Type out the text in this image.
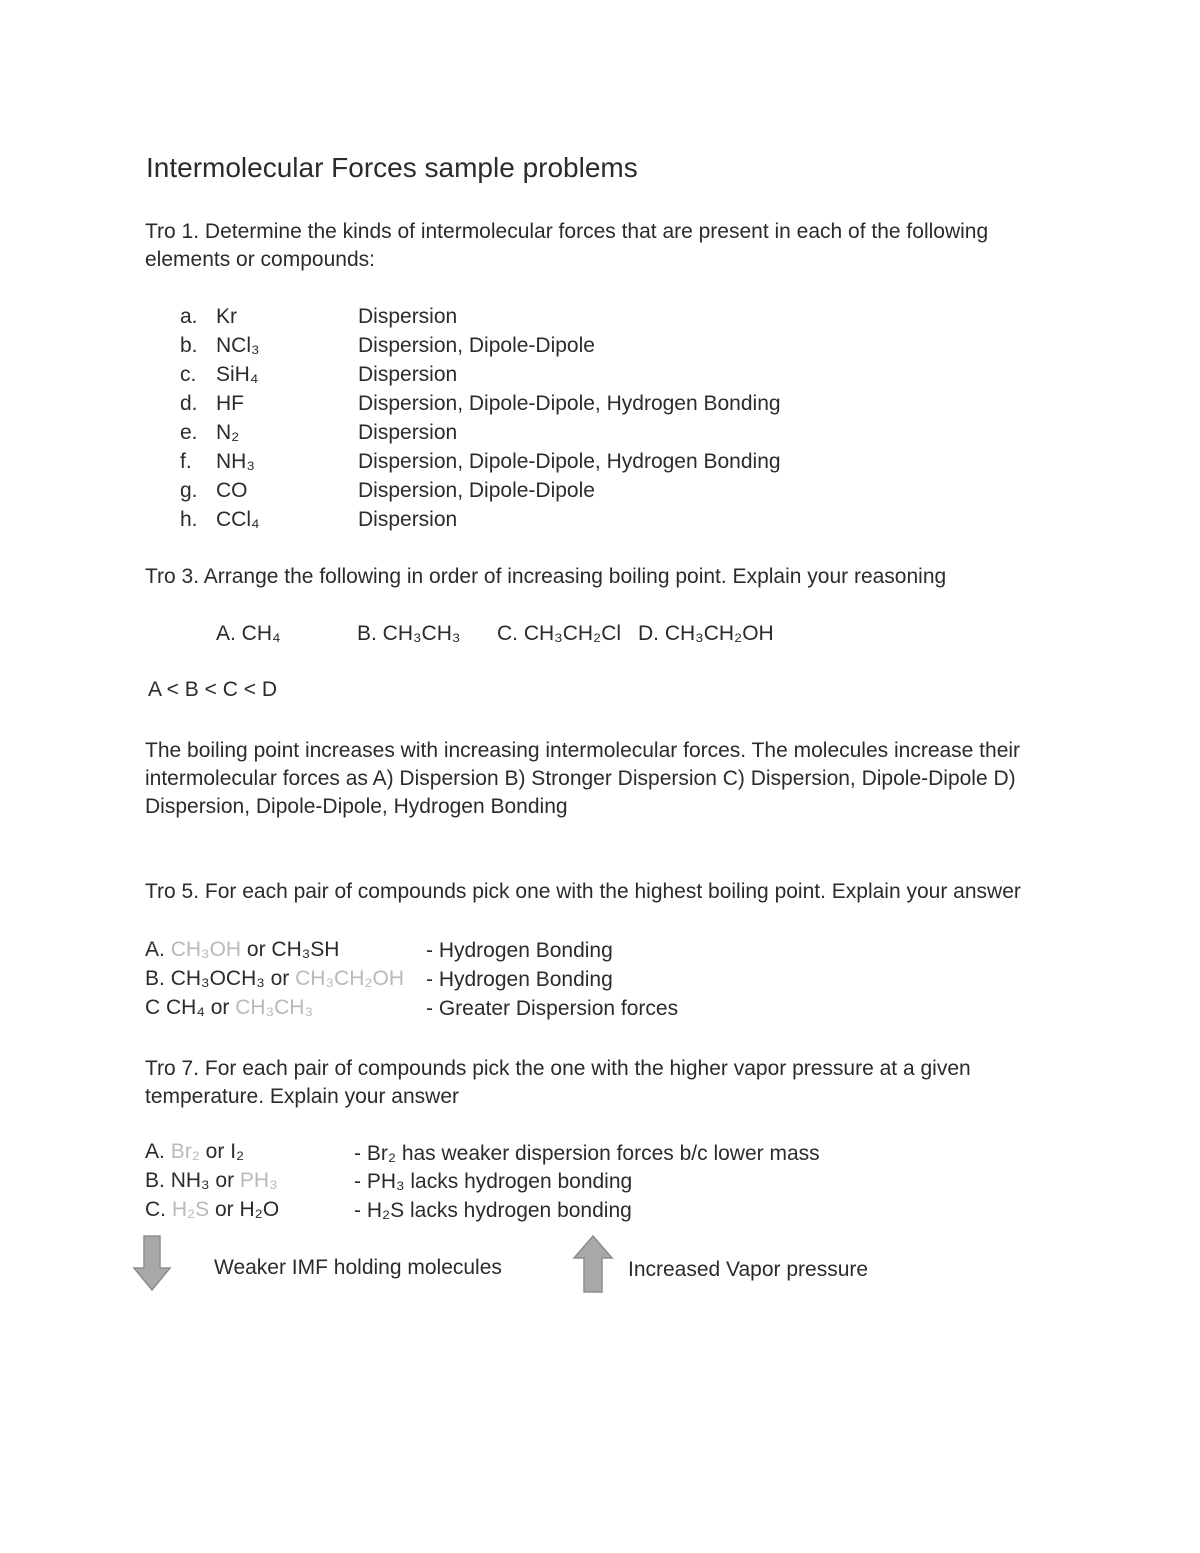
Intermolecular Forces sample problems
Tro 1. Determine the kinds of intermolecular forces that are present in each of the following elements or compounds:
a. Kr	Dispersion
b. NCl₃	Dispersion, Dipole-Dipole
c. SiH₄	Dispersion
d. HF	Dispersion, Dipole-Dipole, Hydrogen Bonding
e. N₂	Dispersion
f. NH₃	Dispersion, Dipole-Dipole, Hydrogen Bonding
g. CO	Dispersion, Dipole-Dipole
h. CCl₄	Dispersion
Tro 3. Arrange the following in order of increasing boiling point. Explain your reasoning
A. CH₄	B. CH₃CH₃ C. CH₃CH₂Cl D. CH₃CH₂OH
A < B < C < D
The boiling point increases with increasing intermolecular forces. The molecules increase their intermolecular forces as A) Dispersion B) Stronger Dispersion C) Dispersion, Dipole-Dipole D) Dispersion, Dipole-Dipole, Hydrogen Bonding
Tro 5. For each pair of compounds pick one with the highest boiling point. Explain your answer
A. CH₃OH or CH₃SH	- Hydrogen Bonding
B. CH₃OCH₃ or CH₃CH₂OH - Hydrogen Bonding
C CH₄ or CH₃CH₃	- Greater Dispersion forces
Tro 7. For each pair of compounds pick the one with the higher vapor pressure at a given temperature. Explain your answer
A. Br₂ or I₂	- Br₂ has weaker dispersion forces b/c lower mass
B. NH₃ or PH₃	- PH₃ lacks hydrogen bonding
C. H₂S or H₂O	- H₂S lacks hydrogen bonding
Weaker IMF holding molecules	Increased Vapor pressure
